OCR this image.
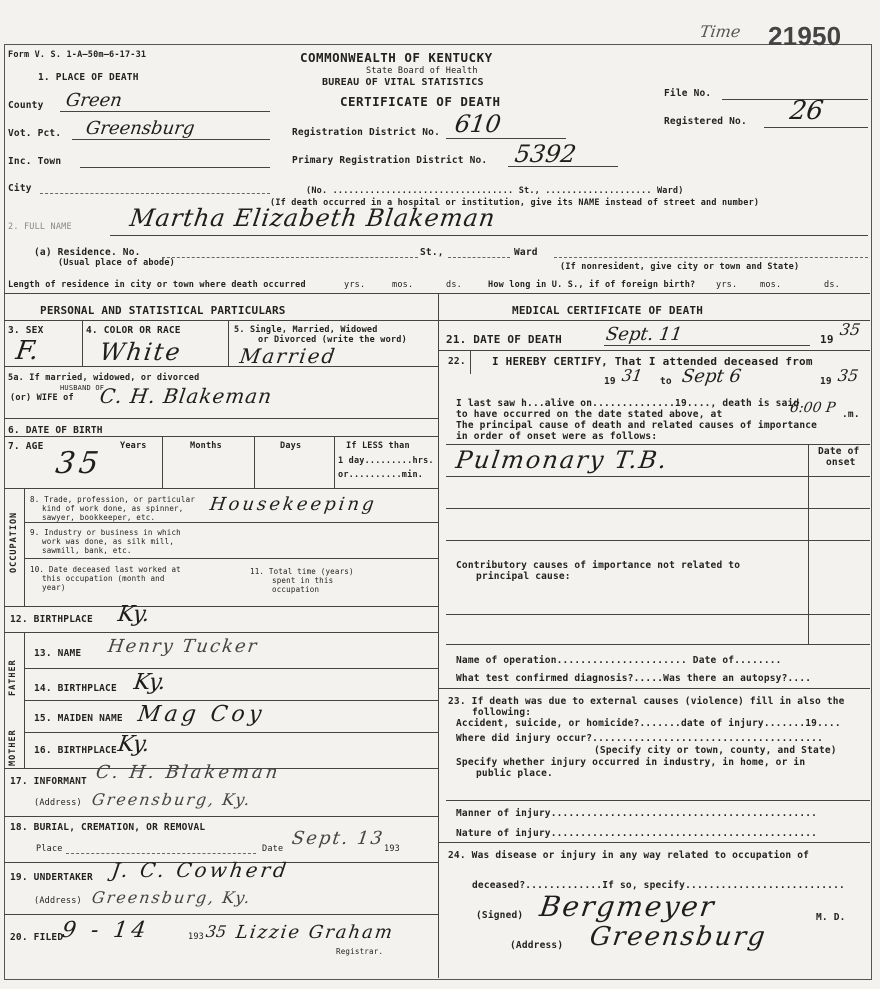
Form V. S. 1-A—50m—6-17-31	COMMONWEALTH OF KENTUCKY
State Board of Health
BUREAU OF VITAL STATISTICS
CERTIFICATE OF DEATH
Time 21950
1. PLACE OF DEATH
County Green
Vot. Pct. Greensburg
Inc. Town
City
Registration District No. 610
Primary Registration District No. 5392
File No.
Registered No. 26
(No. .................................. St., .................... Ward)
(If death occurred in a hospital or institution, give its NAME instead of street and number)
2. FULL NAME Martha Elizabeth Blakeman
(a) Residence. No.
(Usual place of abode)
St.,	Ward
(If nonresident, give city or town and State)
Length of residence in city or town where death occurred	yrs.	mos.	ds.	How long in U. S., if of foreign birth? yrs.	mos.	ds.
PERSONAL AND STATISTICAL PARTICULARS
3. SEX
F.
4. COLOR OR RACE
White
5. Single, Married, Widowed
or Divorced (write the word)
Married
5a. If married, widowed, or divorced
HUSBAND OF
(or) WIFE of C. H. Blakeman
6. DATE OF BIRTH
7. AGE	Years	Months	Days	If LESS than
1 day.........hrs.
or..........min.
35
OCCUPATION
8. Trade, profession, or particular
kind of work done, as spinner,
sawyer, bookkeeper, etc.
Housekeeping
9. Industry or business in which
work was done, as silk mill,
sawmill, bank, etc.
10. Date deceased last worked at
this occupation (month and
year)
11. Total time (years)
spent in this
occupation
12. BIRTHPLACE Ky.
FATHER
MOTHER
13. NAME Henry Tucker
14. BIRTHPLACE Ky.
15. MAIDEN NAME Mag Coy
16. BIRTHPLACE Ky.
17. INFORMANT C. H. Blakeman
(Address) Greensburg, Ky.
18. BURIAL, CREMATION, OR REMOVAL
Place	Date Sept. 13
193
19. UNDERTAKER J. C. Cowherd
(Address) Greensburg, Ky.
20. FILED
9 - 14	193 35 Lizzie Graham
Registrar.
MEDICAL CERTIFICATE OF DEATH
21. DATE OF DEATH Sept. 11	19
35
22. I HEREBY CERTIFY, That I attended deceased from
19 31 to Sept 6	19 35
I last saw h...alive on..............19...., death is said
to have occurred on the date stated above, at	6:00 P .m.
The principal cause of death and related causes of importance
in order of onset were as follows:
Date of
onset
Pulmonary T.B.
Contributory causes of importance not related to
principal cause:
Name of operation...................... Date of........
What test confirmed diagnosis?.....Was there an autopsy?....
23. If death was due to external causes (violence) fill in also the
following:
Accident, suicide, or homicide?.......date of injury.......19....
Where did injury occur?.......................................
(Specify city or town, county, and State)
Specify whether injury occurred in industry, in home, or in
public place.
Manner of injury.............................................
Nature of injury.............................................
24. Was disease or injury in any way related to occupation of
deceased?.............If so, specify...........................
(Signed) Bergmeyer	M. D.
(Address) Greensburg
